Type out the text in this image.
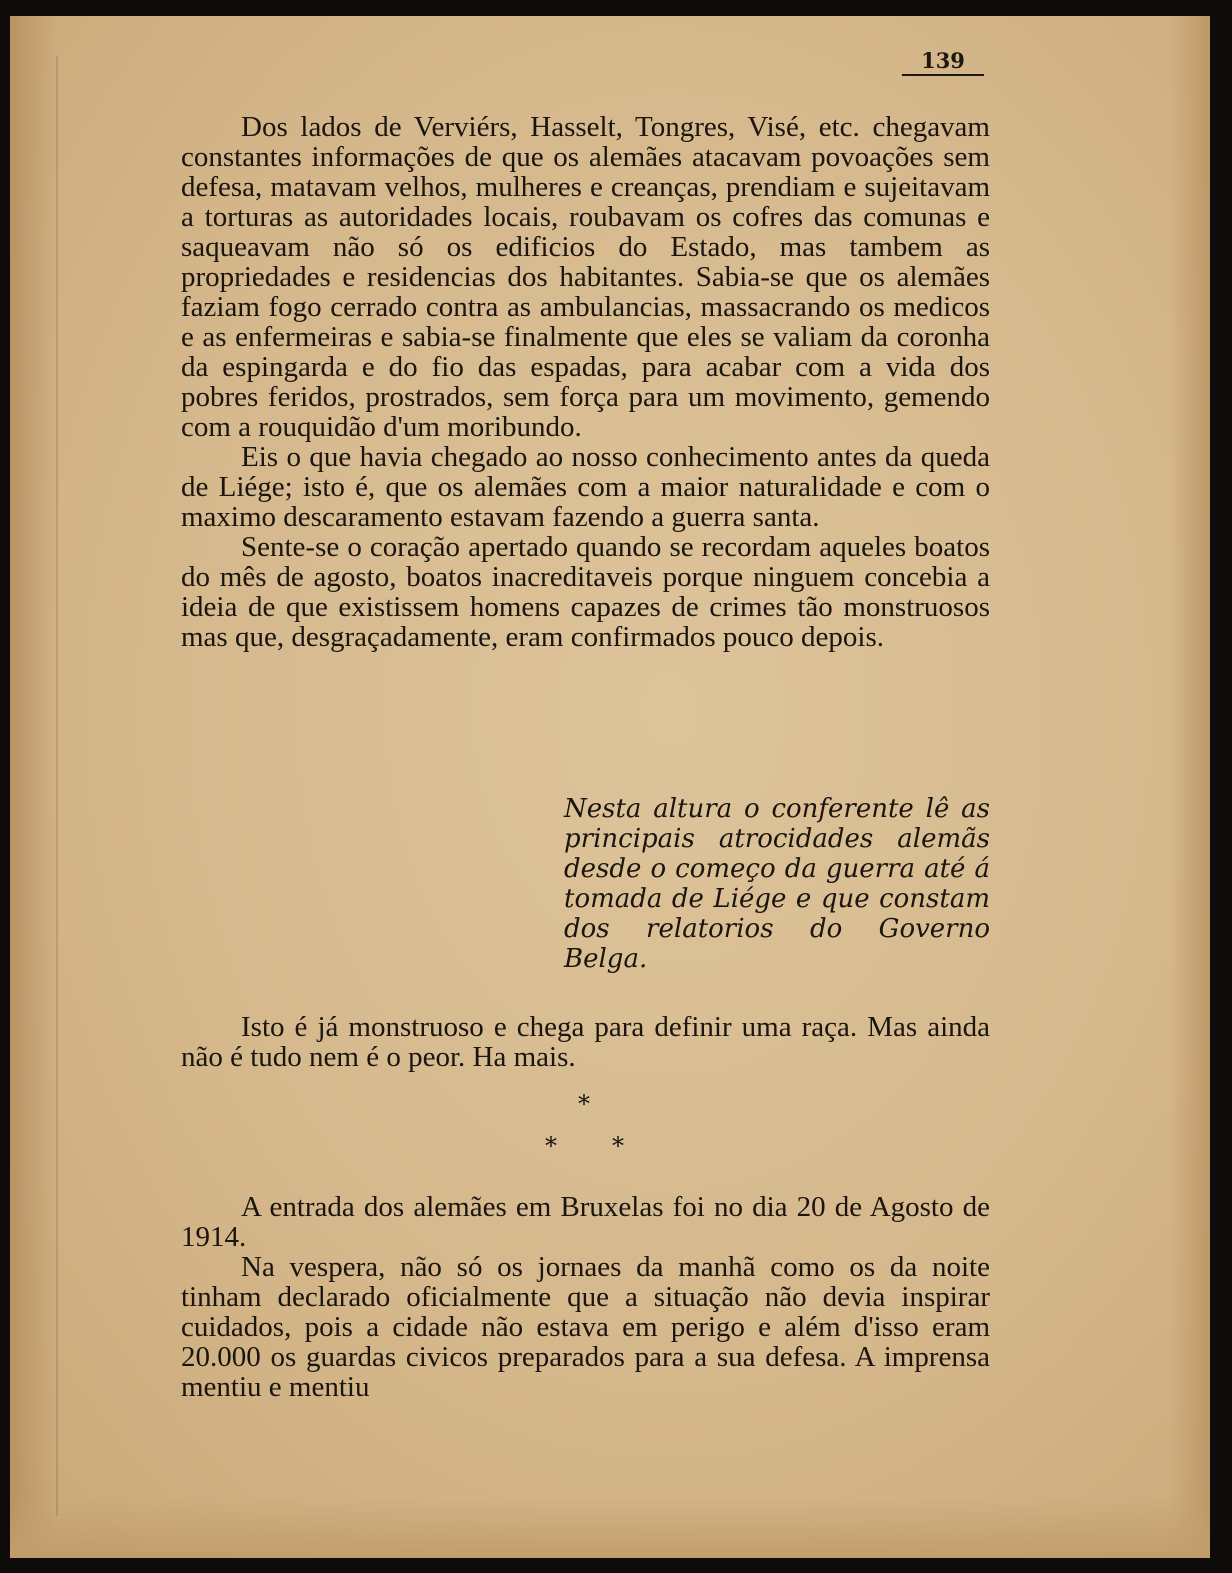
139

Dos lados de Verviérs, Hasselt, Tongres, Visé, etc. chegavam constantes informações de que os alemães atacavam povoações sem defesa, matavam velhos, mulheres e creanças, prendiam e sujeitavam a torturas as autoridades locais, roubavam os cofres das comunas e saqueavam não só os edificios do Estado, mas tambem as propriedades e residencias dos habitantes. Sabia-se que os alemães faziam fogo cerrado contra as ambulancias, massacrando os medicos e as enfermeiras e sabia-se finalmente que eles se valiam da coronha da espingarda e do fio das espadas, para acabar com a vida dos pobres feridos, prostrados, sem força para um movimento, gemendo com a rouquidão d'um moribundo.

Eis o que havia chegado ao nosso conhecimento antes da queda de Liége; isto é, que os alemães com a maior naturalidade e com o maximo descaramento estavam fazendo a guerra santa.

Sente-se o coração apertado quando se recordam aqueles boatos do mês de agosto, boatos inacreditaveis porque ninguem concebia a ideia de que existissem homens capazes de crimes tão monstruosos mas que, desgraçadamente, eram confirmados pouco depois.

Nesta altura o conferente lê as principais atrocidades alemãs desde o começo da guerra até á tomada de Liége e que constam dos relatorios do Governo Belga.

Isto é já monstruoso e chega para definir uma raça. Mas ainda não é tudo nem é o peor. Ha mais.

*
* *

A entrada dos alemães em Bruxelas foi no dia 20 de Agosto de 1914.

Na vespera, não só os jornaes da manhã como os da noite tinham declarado oficialmente que a situação não devia inspirar cuidados, pois a cidade não estava em perigo e além d'isso eram 20.000 os guardas civicos preparados para a sua defesa. A imprensa mentiu e mentiu
